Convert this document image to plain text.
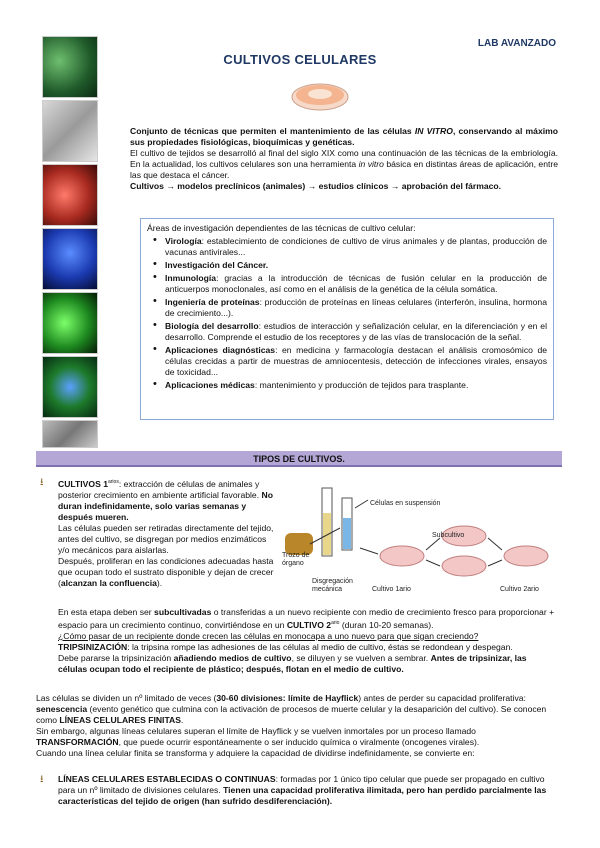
LAB AVANZADO
CULTIVOS CELULARES
Conjunto de técnicas que permiten el mantenimiento de las células IN VITRO, conservando al máximo sus propiedades fisiológicas, bioquímicas y genéticas.
El cultivo de tejidos se desarrolló al final del siglo XIX como una continuación de las técnicas de la embriología. En la actualidad, los cultivos celulares son una herramienta in vitro básica en distintas áreas de aplicación, entre las que destaca el cáncer.
Cultivos → modelos preclínicos (animales) → estudios clínicos → aprobación del fármaco.
Áreas de investigación dependientes de las técnicas de cultivo celular:
• Virología: establecimiento de condiciones de cultivo de virus animales y de plantas, producción de vacunas antivirales...
• Investigación del Cáncer.
• Inmunología: gracias a la introducción de técnicas de fusión celular en la producción de anticuerpos monoclonales, así como en el análisis de la genética de la célula somática.
• Ingeniería de proteínas: producción de proteínas en líneas celulares (interferón, insulina, hormona de crecimiento...).
• Biología del desarrollo: estudios de interacción y señalización celular, en la diferenciación y en el desarrollo. Comprende el estudio de los receptores y de las vías de translocación de la señal.
• Aplicaciones diagnósticas: en medicina y farmacología destacan el análisis cromosómico de células crecidas a partir de muestras de amniocentesis, detección de infecciones virales, ensayos de toxicidad...
• Aplicaciones médicas: mantenimiento y producción de tejidos para trasplante.
TIPOS DE CULTIVOS.
⭳	CULTIVOS $1^{arios}$: extracción de células de animales y posterior crecimiento en ambiente artificial favorable. No duran indefinidamente, solo varias semanas y después mueren.
Las células pueden ser retiradas directamente del tejido, antes del cultivo, se disgregan por medios enzimáticos y/o mecánicos para aislarlas.
Después, proliferan en las condiciones adecuadas hasta que ocupan todo el sustrato disponible y dejan de crecer (alcanzan la confluencia).
Células en suspensión
Trozo de órgano
Disgregación mecánica
Subcultivo
Cultivo 1ario	Cultivo 2ario
En esta etapa deben ser subcultivadas o transferidas a un nuevo recipiente con medio de crecimiento fresco para proporcionar + espacio para un crecimiento continuo, convirtiéndose en un CULTIVO $2^{ario}$ (duran 10-20 semanas).
¿Cómo pasar de un recipiente donde crecen las células en monocapa a uno nuevo para que sigan creciendo?
TRIPSINIZACIÓN: la tripsina rompe las adhesiones de las células al medio de cultivo, éstas se redondean y despegan.
Debe pararse la tripsinización añadiendo medios de cultivo, se diluyen y se vuelven a sembrar. Antes de tripsinizar, las células ocupan todo el recipiente de plástico; después, flotan en el medio de cultivo.
Las células se dividen un nº limitado de veces (30-60 divisiones: límite de Hayflick) antes de perder su capacidad proliferativa: senescencia (evento genético que culmina con la activación de procesos de muerte celular y la desaparición del cultivo). Se conocen como LÍNEAS CELULARES FINITAS.
Sin embargo, algunas líneas celulares superan el límite de Hayflick y se vuelven inmortales por un proceso llamado TRANSFORMACIÓN, que puede ocurrir espontáneamente o ser inducido química o viralmente (oncogenes virales).
Cuando una línea celular finita se transforma y adquiere la capacidad de dividirse indefinidamente, se convierte en:
⭳ LÍNEAS CELULARES ESTABLECIDAS O CONTINUAS: formadas por 1 único tipo celular que puede ser propagado en cultivo para un nº limitado de divisiones celulares. Tienen una capacidad proliferativa ilimitada, pero han perdido parcialmente las características del tejido de origen (han sufrido desdiferenciación).
